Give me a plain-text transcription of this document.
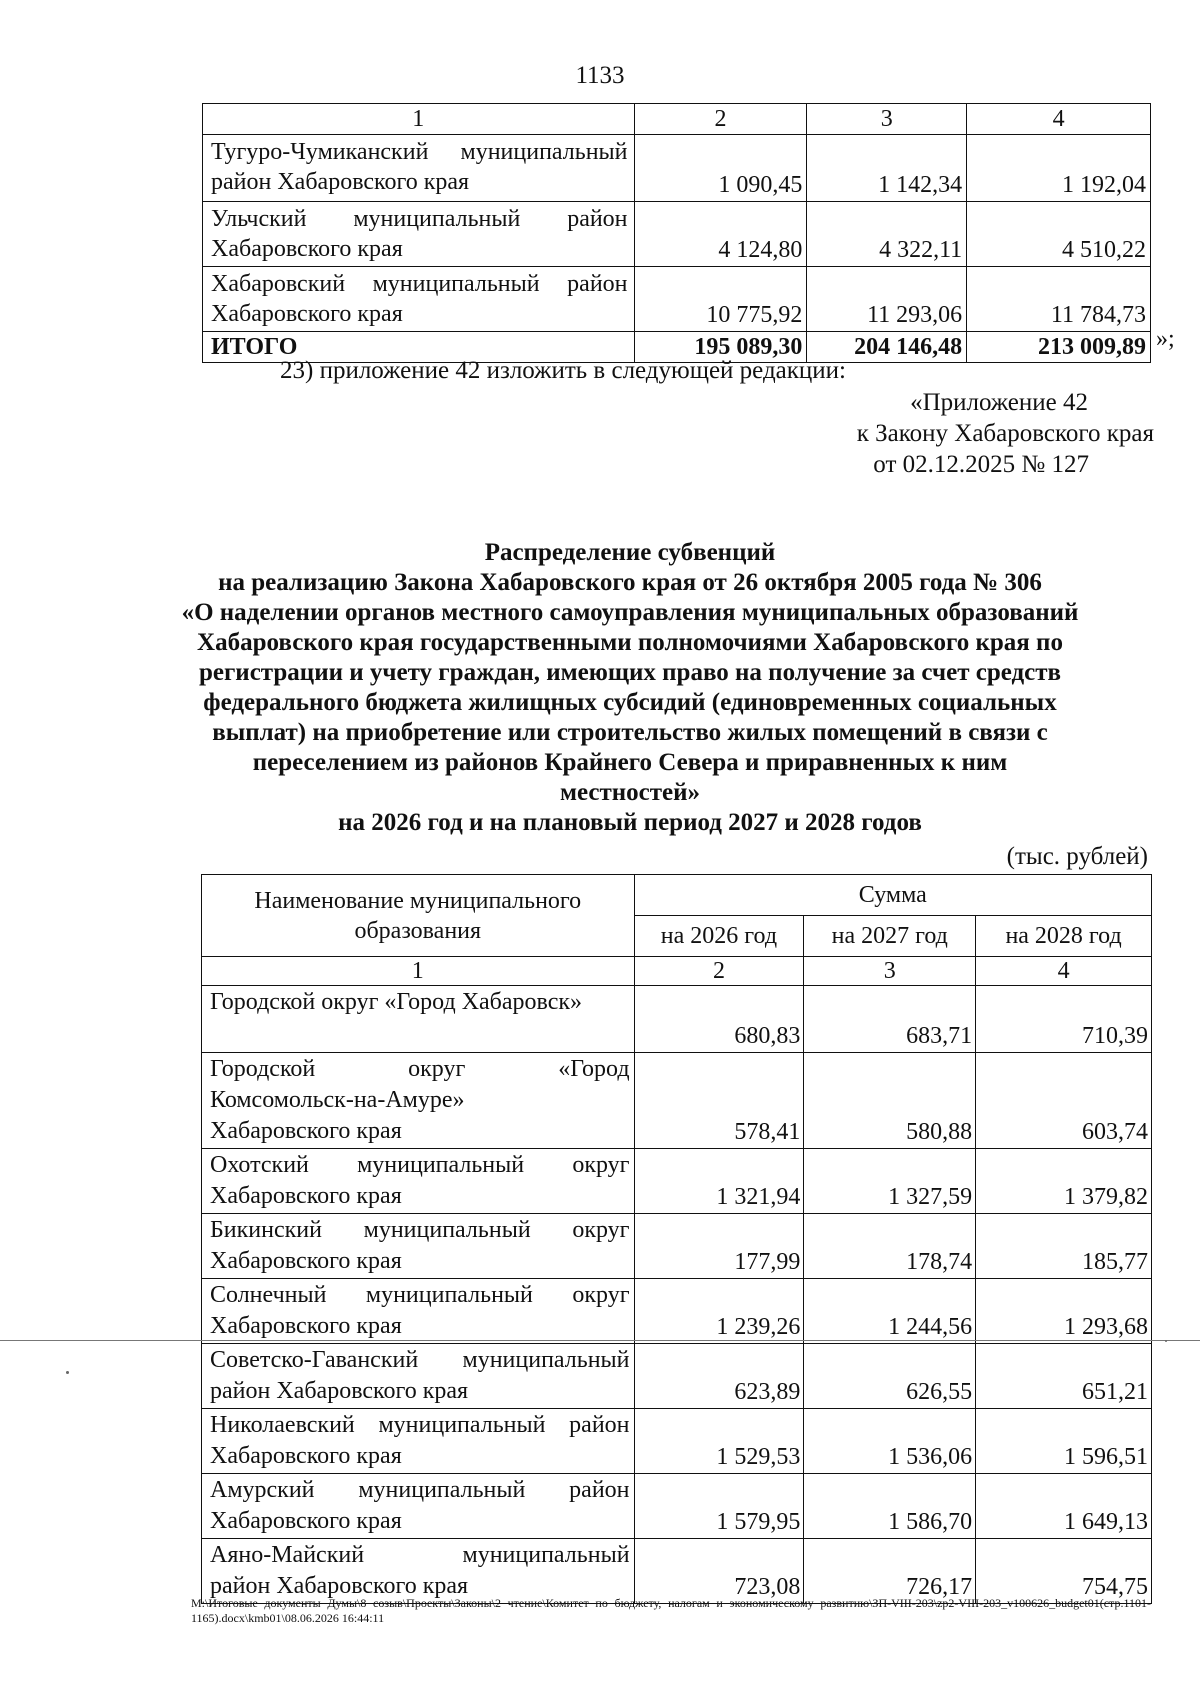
1133
1	2	3	4

Тугуро-Чумиканский муниципальный
район Хабаровского края	1 090,45	1 142,34	1 192,04

Ульчский муниципальный район
Хабаровского края	4 124,80	4 322,11	4 510,22

Хабаровский муниципальный район
Хабаровского края	10 775,92	11 293,06	11 784,73
ИТОГО	195 089,30	204 146,48	213 009,89 »;
23) приложение 42 изложить в следующей редакции:
«Приложение 42
к Закону Хабаровского края
от 02.12.2025 № 127
Распределение субвенций
на реализацию Закона Хабаровского края от 26 октября 2005 года № 306
«О наделении органов местного самоуправления муниципальных образований
Хабаровского края государственными полномочиями Хабаровского края по
регистрации и учету граждан, имеющих право на получение за счет средств
федерального бюджета жилищных субсидий (единовременных социальных
выплат) на приобретение или строительство жилых помещений в связи с
переселением из районов Крайнего Севера и приравненных к ним местностей»
на 2026 год и на плановый период 2027 и 2028 годов
(тыс. рублей)
Наименование муниципального
образования	Сумма		
	на 2026 год	на 2027 год	на 2028 год
1	2	3	4

Городской округ «Город Хабаровск»	680,83	683,71	710,39

Городской округ «Город
Комсомольск-на-Амуре»
Хабаровского края	578,41	580,88	603,74

Охотский муниципальный округ
Хабаровского края	1 321,94	1 327,59	1 379,82

Бикинский муниципальный округ
Хабаровского края	177,99	178,74	185,77

Солнечный муниципальный округ
Хабаровского края	1 239,26	1 244,56	1 293,68

Советско-Гаванский муниципальный
район Хабаровского края	623,89	626,55	651,21

Николаевский муниципальный район
Хабаровского края	1 529,53	1 536,06	1 596,51

Амурский муниципальный район
Хабаровского края	1 579,95	1 586,70	1 649,13

Аяно-Майский муниципальный
район Хабаровского края	723,08	726,17	754,75
М:\Итоговые документы Думы\8 созыв\Проекты\Законы\2 чтение\Комитет по бюджету, налогам и экономическому развитию\ЗП-VIII-203\zp2-VIII-203_v100626_budget01(стр.1101-1165).docx\kmb01\08.06.2026 16:44:11
